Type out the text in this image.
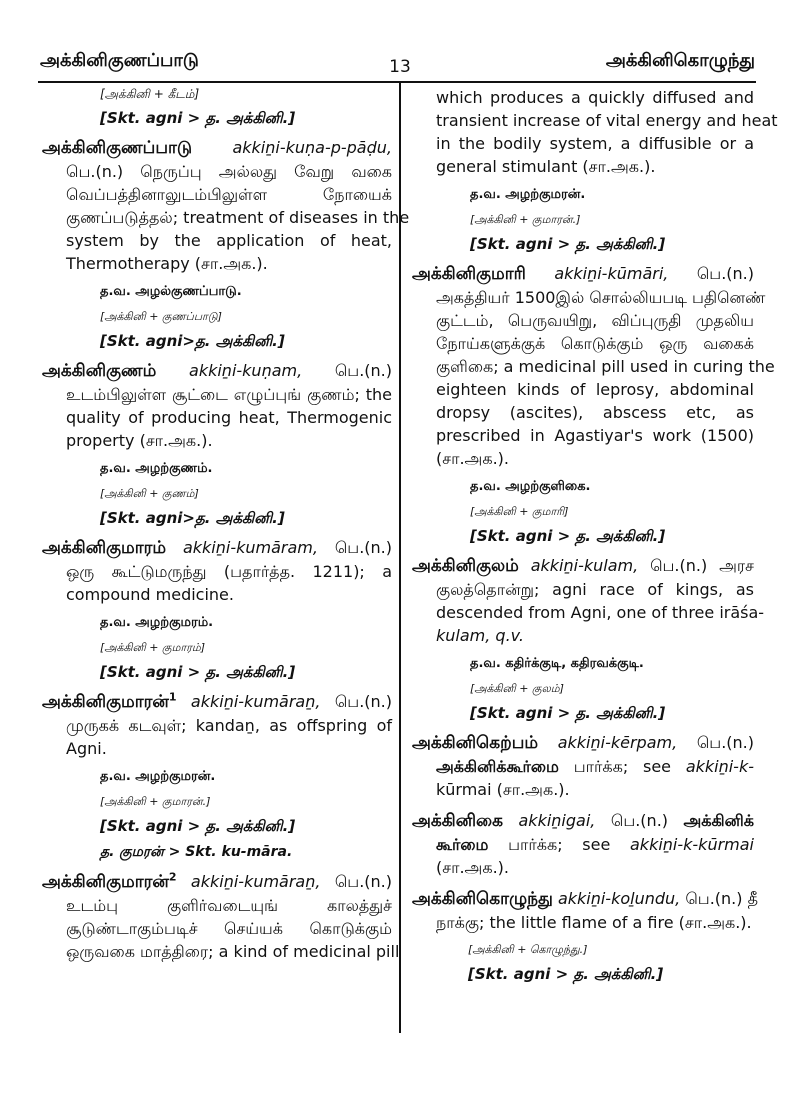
அக்கினிகுணப்பாடு	13	அக்கினிகொழுந்து
[அக்கினி + கீடம்]
[Skt. agni > த. அக்கினி.]
அக்கினிகுணப்பாடு	akkiṉi-kuṇa-p-pāḍu,
பெ.(n.) நெருப்பு அல்லது வேறு வகை
வெப்பத்தினாலுடம்பிலுள்ள நோயைக்
குணப்படுத்தல்; treatment of diseases in the
system by the application of heat,
Thermotherapy (சா.அக.).
த.வ. அழல்குணப்பாடு.
[அக்கினி + குணப்பாடு]
[Skt. agni>த. அக்கினி.]
அக்கினிகுணம் akkiṉi-kuṇam, பெ.(n.)
உடம்பிலுள்ள சூட்டை எழுப்புங் குணம்; the
quality of producing heat, Thermogenic
property (சா.அக.).
த.வ. அழற்குணம்.
[அக்கினி + குணம்]
[Skt. agni>த. அக்கினி.]
அக்கினிகுமாரம் akkiṉi-kumāram, பெ.(n.)
ஒரு கூட்டுமருந்து (பதார்த்த. 1211); a
compound medicine.
த.வ. அழற்குமரம்.
[அக்கினி + குமாரம்]
[Skt. agni > த. அக்கினி.]
அக்கினிகுமாரன்$^1$ akkiṉi-kumāraṉ, பெ.(n.)
முருகக் கடவுள்; kandaṉ, as offspring of
Agni.
த.வ. அழற்குமரன்.
[அக்கினி + குமாரன்.]
[Skt. agni > த. அக்கினி.]
த. குமரன் > Skt. ku-māra.
அக்கினிகுமாரன்$^2$ akkiṉi-kumāraṉ, பெ.(n.)
உடம்பு குளிர்வடையுங் காலத்துச்
சூடுண்டாகும்படிச் செய்யக் கொடுக்கும்
ஒருவகை மாத்திரை; a kind of medicinal pill
which produces a quickly diffused and
transient increase of vital energy and heat
in the bodily system, a diffusible or a
general stimulant (சா.அக.).
த.வ. அழற்குமரன்.
[அக்கினி + குமாரன்.]
[Skt. agni > த. அக்கினி.]
அக்கினிகுமாரி akkiṉi-kūmāri, பெ.(n.)
அகத்தியர் 1500இல் சொல்லியபடி பதினெண்
குட்டம், பெருவயிறு, விப்புருதி முதலிய
நோய்களுக்குக் கொடுக்கும் ஒரு வகைக்
குளிகை; a medicinal pill used in curing the
eighteen kinds of leprosy, abdominal
dropsy (ascites), abscess etc, as
prescribed in Agastiyar's work (1500)
(சா.அக.).
த.வ. அழற்குளிகை.
[அக்கினி + குமாரி]
[Skt. agni > த. அக்கினி.]
அக்கினிகுலம் akkiṉi-kulam, பெ.(n.) அரச
குலத்தொன்று; agni race of kings, as
descended from Agni, one of three irāśa-
kulam, q.v.
த.வ. கதிர்க்குடி, கதிரவக்குடி.
[அக்கினி + குலம்]
[Skt. agni > த. அக்கினி.]
அக்கினிகெற்பம் akkiṉi-kērpam, பெ.(n.)
அக்கினிக்கூர்மை பார்க்க; see akkiṉi-k-
kūrmai (சா.அக.).
அக்கினிகை akkiṉigai, பெ.(n.) அக்கினிக்
கூர்மை பார்க்க; see akkiṉi-k-kūrmai
(சா.அக.).
அக்கினிகொழுந்து akkiṉi-koḻundu, பெ.(n.) தீ
நாக்கு; the little flame of a fire (சா.அக.).
[அக்கினி + கொழுந்து.]
[Skt. agni > த. அக்கினி.]
